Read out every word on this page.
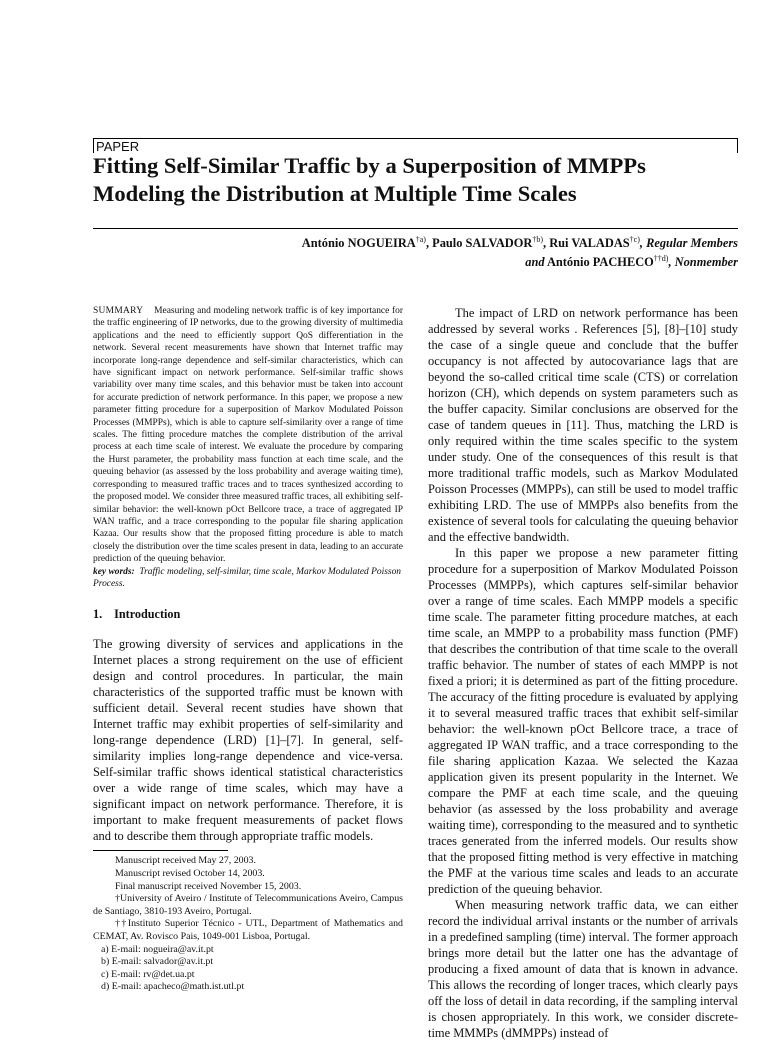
PAPER
Fitting Self-Similar Traffic by a Superposition of MMPPs Modeling the Distribution at Multiple Time Scales
António NOGUEIRA$^{\dagger a)}$, Paulo SALVADOR$^{\dagger b)}$, Rui VALADAS$^{\dagger c)}$, Regular Members
and António PACHECO$^{\dagger\dagger d)}$, Nonmember

SUMMARY Measuring and modeling network traffic is of key importance for the traffic engineering of IP networks, due to the growing diversity of multimedia applications and the need to efficiently support QoS differentiation in the network. Several recent measurements have shown that Internet traffic may incorporate long-range dependence and self-similar characteristics, which can have significant impact on network performance. Self-similar traffic shows variability over many time scales, and this behavior must be taken into account for accurate prediction of network performance. In this paper, we propose a new parameter fitting procedure for a superposition of Markov Modulated Poisson Processes (MMPPs), which is able to capture self-similarity over a range of time scales. The fitting procedure matches the complete distribution of the arrival process at each time scale of interest. We evaluate the procedure by comparing the Hurst parameter, the probability mass function at each time scale, and the queuing behavior (as assessed by the loss probability and average waiting time), corresponding to measured traffic traces and to traces synthesized according to the proposed model. We consider three measured traffic traces, all exhibiting self-similar behavior: the well-known pOct Bellcore trace, a trace of aggregated IP WAN traffic, and a trace corresponding to the popular file sharing application Kazaa. Our results show that the proposed fitting procedure is able to match closely the distribution over the time scales present in data, leading to an accurate prediction of the queuing behavior.

key words: Traffic modeling, self-similar, time scale, Markov Modulated Poisson Process.

1. Introduction

The growing diversity of services and applications in the Internet places a strong requirement on the use of efficient design and control procedures. In particular, the main characteristics of the supported traffic must be known with sufficient detail. Several recent studies have shown that Internet traffic may exhibit properties of self-similarity and long-range dependence (LRD) [1]–[7]. In general, self-similarity implies long-range dependence and vice-versa. Self-similar traffic shows identical statistical characteristics over a wide range of time scales, which may have a significant impact on network performance. Therefore, it is important to make frequent measurements of packet flows and to describe them through appropriate traffic models.

Manuscript received May 27, 2003.

Manuscript revised October 14, 2003.

Final manuscript received November 15, 2003.

†University of Aveiro / Institute of Telecommunications Aveiro, Campus de Santiago, 3810-193 Aveiro, Portugal.

††Instituto Superior Técnico - UTL, Department of Mathematics and CEMAT, Av. Rovisco Pais, 1049-001 Lisboa, Portugal.

a) E-mail: nogueira@av.it.pt

b) E-mail: salvador@av.it.pt

c) E-mail: rv@det.ua.pt

d) E-mail: apacheco@math.ist.utl.pt

The impact of LRD on network performance has been addressed by several works . References [5], [8]–[10] study the case of a single queue and conclude that the buffer occupancy is not affected by autocovariance lags that are beyond the so-called critical time scale (CTS) or correlation horizon (CH), which depends on system parameters such as the buffer capacity. Similar conclusions are observed for the case of tandem queues in [11]. Thus, matching the LRD is only required within the time scales specific to the system under study. One of the consequences of this result is that more traditional traffic models, such as Markov Modulated Poisson Processes (MMPPs), can still be used to model traffic exhibiting LRD. The use of MMPPs also benefits from the existence of several tools for calculating the queuing behavior and the effective bandwidth.

In this paper we propose a new parameter fitting procedure for a superposition of Markov Modulated Poisson Processes (MMPPs), which captures self-similar behavior over a range of time scales. Each MMPP models a specific time scale. The parameter fitting procedure matches, at each time scale, an MMPP to a probability mass function (PMF) that describes the contribution of that time scale to the overall traffic behavior. The number of states of each MMPP is not fixed a priori; it is determined as part of the fitting procedure. The accuracy of the fitting procedure is evaluated by applying it to several measured traffic traces that exhibit self-similar behavior: the well-known pOct Bellcore trace, a trace of aggregated IP WAN traffic, and a trace corresponding to the file sharing application Kazaa. We selected the Kazaa application given its present popularity in the Internet. We compare the PMF at each time scale, and the queuing behavior (as assessed by the loss probability and average waiting time), corresponding to the measured and to synthetic traces generated from the inferred models. Our results show that the proposed fitting method is very effective in matching the PMF at the various time scales and leads to an accurate prediction of the queuing behavior.

When measuring network traffic data, we can either record the individual arrival instants or the number of arrivals in a predefined sampling (time) interval. The former approach brings more detail but the latter one has the advantage of producing a fixed amount of data that is known in advance. This allows the recording of longer traces, which clearly pays off the loss of detail in data recording, if the sampling interval is chosen appropriately. In this work, we consider discrete-time MMMPs (dMMPPs) instead of
